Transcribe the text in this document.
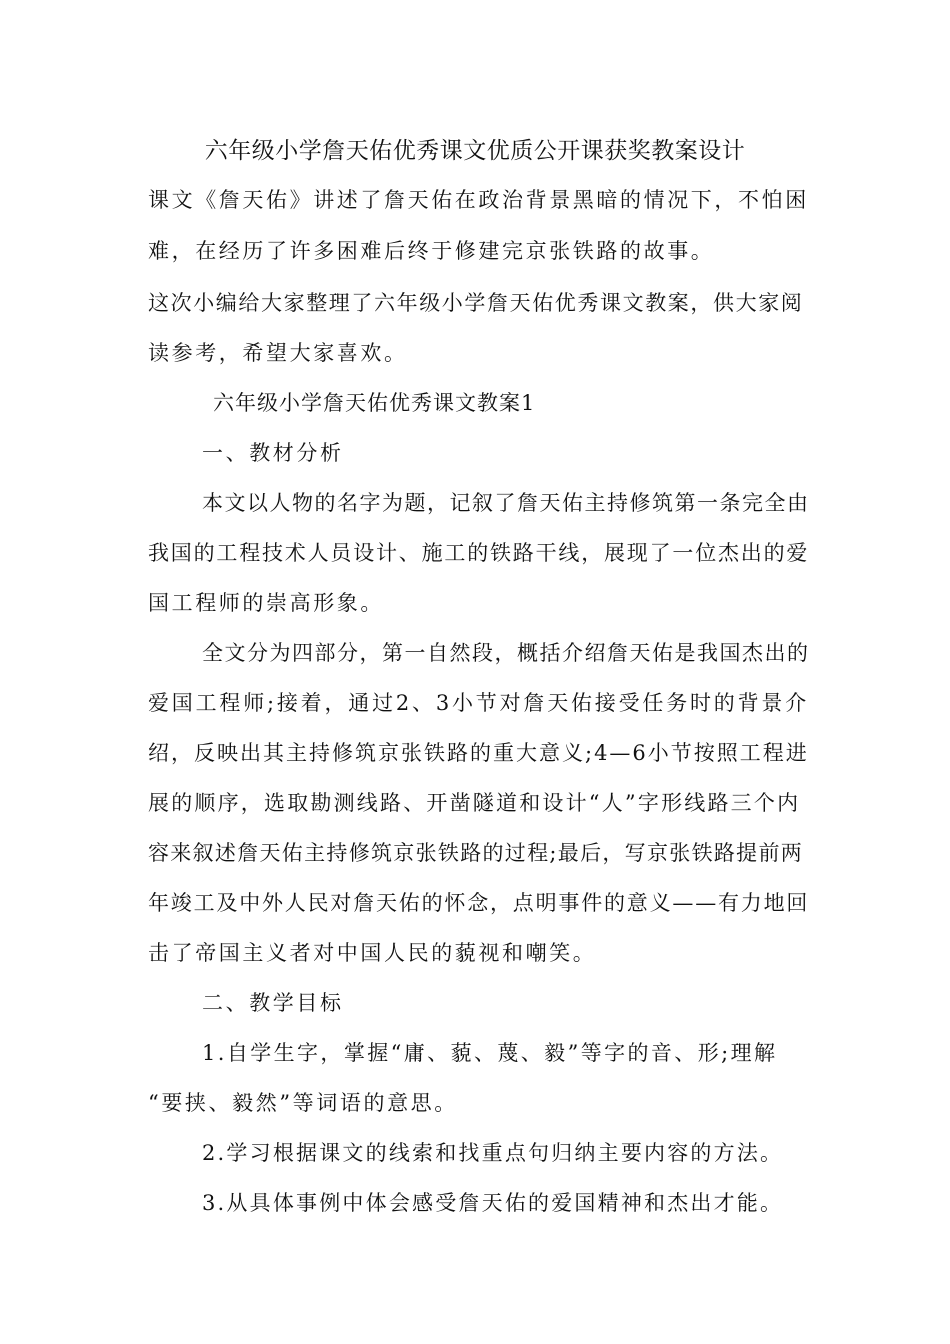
六年级小学詹天佑优秀课文优质公开课获奖教案设计
课文《詹天佑》讲述了詹天佑在政治背景黑暗的情况下，不怕困
难，在经历了许多困难后终于修建完京张铁路的故事。
这次小编给大家整理了六年级小学詹天佑优秀课文教案，供大家阅
读参考，希望大家喜欢。
六年级小学詹天佑优秀课文教案1
一、教材分析
本文以人物的名字为题，记叙了詹天佑主持修筑第一条完全由
我国的工程技术人员设计、施工的铁路干线，展现了一位杰出的爱
国工程师的崇高形象。
全文分为四部分，第一自然段，概括介绍詹天佑是我国杰出的
爱国工程师;接着，通过2、3小节对詹天佑接受任务时的背景介
绍，反映出其主持修筑京张铁路的重大意义;4—6小节按照工程进
展的顺序，选取勘测线路、开凿隧道和设计“人”字形线路三个内
容来叙述詹天佑主持修筑京张铁路的过程;最后，写京张铁路提前两
年竣工及中外人民对詹天佑的怀念，点明事件的意义——有力地回
击了帝国主义者对中国人民的藐视和嘲笑。
二、教学目标
1.自学生字，掌握“庸、藐、蔑、毅”等字的音、形;理解
“要挟、毅然”等词语的意思。
2.学习根据课文的线索和找重点句归纳主要内容的方法。
3.从具体事例中体会感受詹天佑的爱国精神和杰出才能。
